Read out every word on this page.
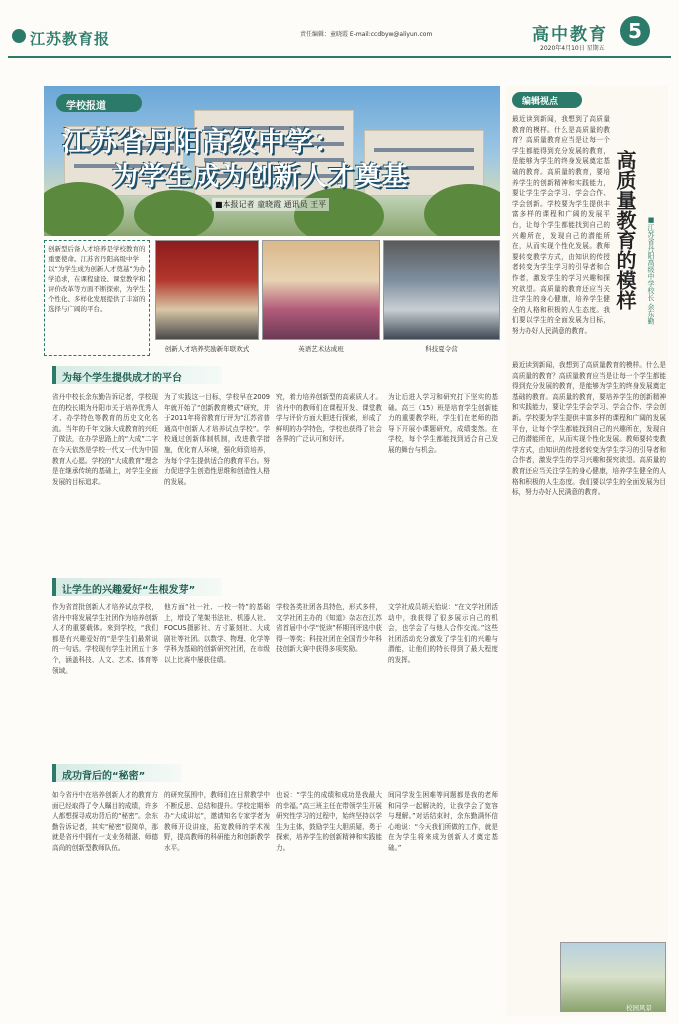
江苏教育报	责任编辑：童晓霞 E-mail:ccdbyw@aliyun.com
2020年4月10日 星期五
高中教育	5
学校报道
江苏省丹阳高级中学：
为学生成为创新人才奠基
■本报记者 童晓霞 通讯员 王平
创新型后备人才培养是学校教育的重要使命。江苏省丹阳高级中学以“为学生成为创新人才奠基”为办学追求，在课程建设、课堂教学和评价改革等方面不断探索，为学生个性化、多样化发展提供了丰富的选择与广阔的平台。
创新人才培养奖励新年联欢式	英语艺术达成班	科技夏令营
为每个学生提供成才的平台
省丹中校长余东勤告诉记者，学校现在的校长期为丹阳市关于培养优秀人才、办学特色等教育的历史文化名流。当年的千年文脉大成教育的兴旺了做法，在办学思路上的“大成”二字在今天依然是学校一代又一代为中国教育人心愿。学校的“大成教育”理念是在继承传统的基础上，对学生全面发展的目标追求。
为了实践这一目标，学校早在2009年就开始了“创新教育模式”研究，并于2011年将省教育厅评为“江苏省普通高中创新人才培养试点学校”。学校通过创新体制机制，改进教学措施，优化育人环境，强化师资培养，为每个学生提供适合的教育平台。努力促进学生创造性思维和创造性人格的发展。
究，着力培养创新型的高素质人才。省丹中的教师们在课程开发、课堂教学与评价方面大胆进行探索，形成了鲜明的办学特色，学校也获得了社会各界的广泛认可和好评。
为让后进人学习和研究打下坚实的基础。高三（15）班是培育学生创新能力的重要教学班，学生们在老师的指导下开展小课题研究，成绩斐然。在学校，每个学生都能找到适合自己发展的舞台与机会。
让学生的兴趣爱好“生根发芽”
作为省首批创新人才培养试点学校，省丹中将发展学生社团作为培养创新人才的重要载体。来到学校，“我们都是有兴趣爱好的”是学生们最常说的一句话。学校现有学生社团五十多个，涵盖科技、人文、艺术、体育等领域。
他方面“社一社、一校一特”的基础上，增设了笔架书法社、机器人社、FOCUS摄影社、方寸篆刻社、大成剧社等社团。以数学、物理、化学等学科为基础的创新研究社团，在市级以上比赛中屡获佳绩。
学校各类社团各具特色，形式多样，文学社团主办的《知道》杂志在江苏省首届中小学“悦读”杯期刊评选中获得一等奖；科技社团在全国青少年科技创新大赛中获得多项奖励。
文学社成员胡天怡说：“在文学社团活动中，我获得了很多展示自己的机会，也学会了与他人合作交流。”这些社团活动充分激发了学生们的兴趣与潜能，让他们的特长得到了最大程度的发挥。
成功背后的“秘密”
如今省丹中在培养创新人才的教育方面已经取得了令人瞩目的成绩，许多人都想探寻成功背后的“秘密”。余东勤告诉记者，其实“秘密”很简单，那就是省丹中拥有一支业务精湛、师德高尚的创新型教师队伍。
的研究氛围中，教师们在日常教学中不断反思、总结和提升。学校定期举办“大成讲坛”，邀请知名专家学者为教师开设讲座，拓宽教师的学术视野，提高教师的科研能力和创新教学水平。
也说：“学生的成绩和成功是我最大的幸福。”高三班主任在带领学生开展研究性学习的过程中，始终坚持以学生为主体，鼓励学生大胆质疑、勇于探索，培养学生的创新精神和实践能力。
间同学发生困难等问题都是我的老师和同学一起解决的，让我学会了宽容与理解。”对话结束时，余东勤满怀信心地说：“今天我们所做的工作，就是在为学生将来成为创新人才奠定基础。”
编辑视点
高质量教育的模样	■江苏省丹阳高级中学校长 余东勤
最近读到新闻，我想到了高质量教育的模样。什么是高质量的教育？高质量教育应当是让每一个学生都能得到充分发展的教育，是能够为学生的终身发展奠定基础的教育。高质量的教育，要培养学生的创新精神和实践能力，要让学生学会学习、学会合作、学会创新。学校要为学生提供丰富多样的课程和广阔的发展平台，让每个学生都能找到自己的兴趣所在，发现自己的潜能所在，从而实现个性化发展。教师要转变教学方式，由知识的传授者转变为学生学习的引导者和合作者，激发学生的学习兴趣和探究欲望。高质量的教育还应当关注学生的身心健康，培养学生健全的人格和积极的人生态度。我们要以学生的全面发展为目标，努力办好人民满意的教育。
最近读到新闻，我想到了高质量教育的模样。什么是高质量的教育？高质量教育应当是让每一个学生都能得到充分发展的教育，是能够为学生的终身发展奠定基础的教育。高质量的教育，要培养学生的创新精神和实践能力，要让学生学会学习、学会合作、学会创新。学校要为学生提供丰富多样的课程和广阔的发展平台，让每个学生都能找到自己的兴趣所在，发现自己的潜能所在，从而实现个性化发展。教师要转变教学方式，由知识的传授者转变为学生学习的引导者和合作者，激发学生的学习兴趣和探究欲望。高质量的教育还应当关注学生的身心健康，培养学生健全的人格和积极的人生态度。我们要以学生的全面发展为目标，努力办好人民满意的教育。
校园风景
